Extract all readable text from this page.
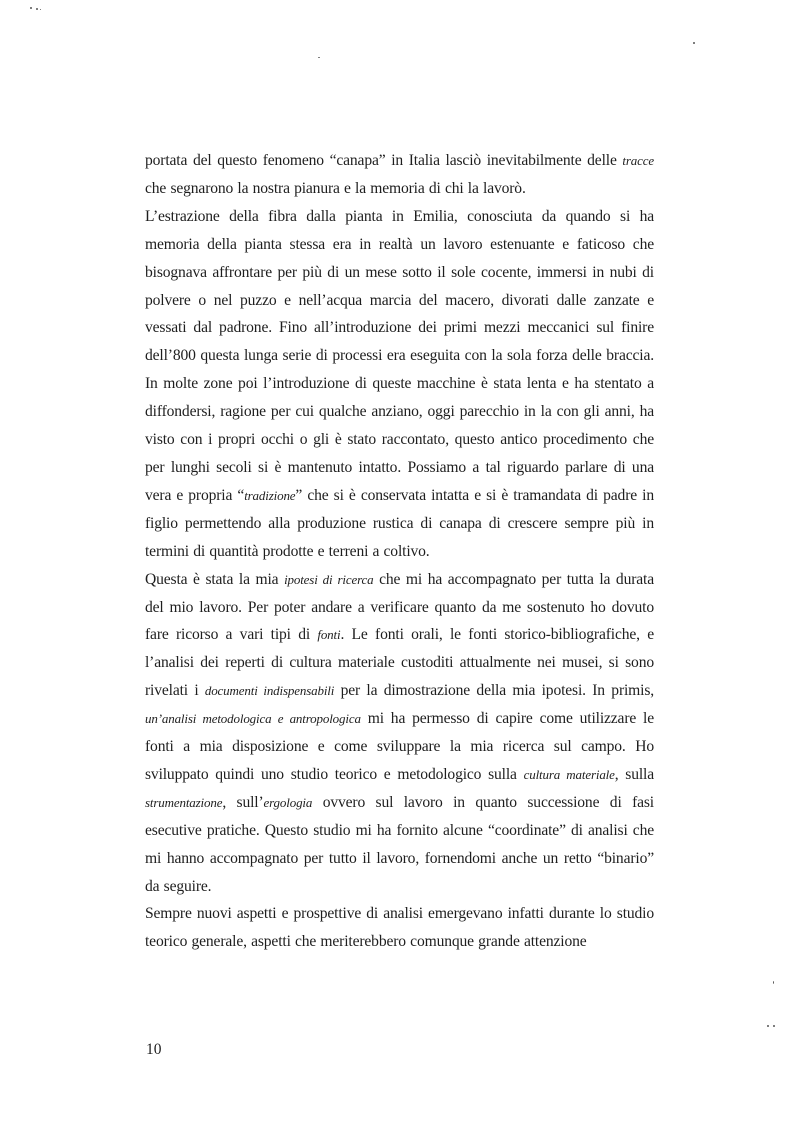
portata del questo fenomeno “canapa” in Italia lasciò inevitabilmente delle tracce che segnarono la nostra pianura e la memoria di chi la lavorò.

L’estrazione della fibra dalla pianta in Emilia, conosciuta da quando si ha memoria della pianta stessa era in realtà un lavoro estenuante e faticoso che bisognava affrontare per più di un mese sotto il sole cocente, immersi in nubi di polvere o nel puzzo e nell’acqua marcia del macero, divorati dalle zanzate e vessati dal padrone. Fino all’introduzione dei primi mezzi meccanici sul finire dell’800 questa lunga serie di processi era eseguita con la sola forza delle braccia. In molte zone poi l’introduzione di queste macchine è stata lenta e ha stentato a diffondersi, ragione per cui qualche anziano, oggi parecchio in la con gli anni, ha visto con i propri occhi o gli è stato raccontato, questo antico procedimento che per lunghi secoli si è mantenuto intatto. Possiamo a tal riguardo parlare di una vera e propria “tradizione” che si è conservata intatta e si è tramandata di padre in figlio permettendo alla produzione rustica di canapa di crescere sempre più in termini di quantità prodotte e terreni a coltivo.

Questa è stata la mia ipotesi di ricerca che mi ha accompagnato per tutta la durata del mio lavoro. Per poter andare a verificare quanto da me sostenuto ho dovuto fare ricorso a vari tipi di fonti. Le fonti orali, le fonti storico-bibliografiche, e l’analisi dei reperti di cultura materiale custoditi attualmente nei musei, si sono rivelati i documenti indispensabili per la dimostrazione della mia ipotesi. In primis, un’analisi metodologica e antropologica mi ha permesso di capire come utilizzare le fonti a mia disposizione e come sviluppare la mia ricerca sul campo. Ho sviluppato quindi uno studio teorico e metodologico sulla cultura materiale, sulla strumentazione, sull’ergologia ovvero sul lavoro in quanto successione di fasi esecutive pratiche. Questo studio mi ha fornito alcune “coordinate” di analisi che mi hanno accompagnato per tutto il lavoro, fornendomi anche un retto “binario” da seguire.

Sempre nuovi aspetti e prospettive di analisi emergevano infatti durante lo studio teorico generale, aspetti che meriterebbero comunque grande attenzione

10
